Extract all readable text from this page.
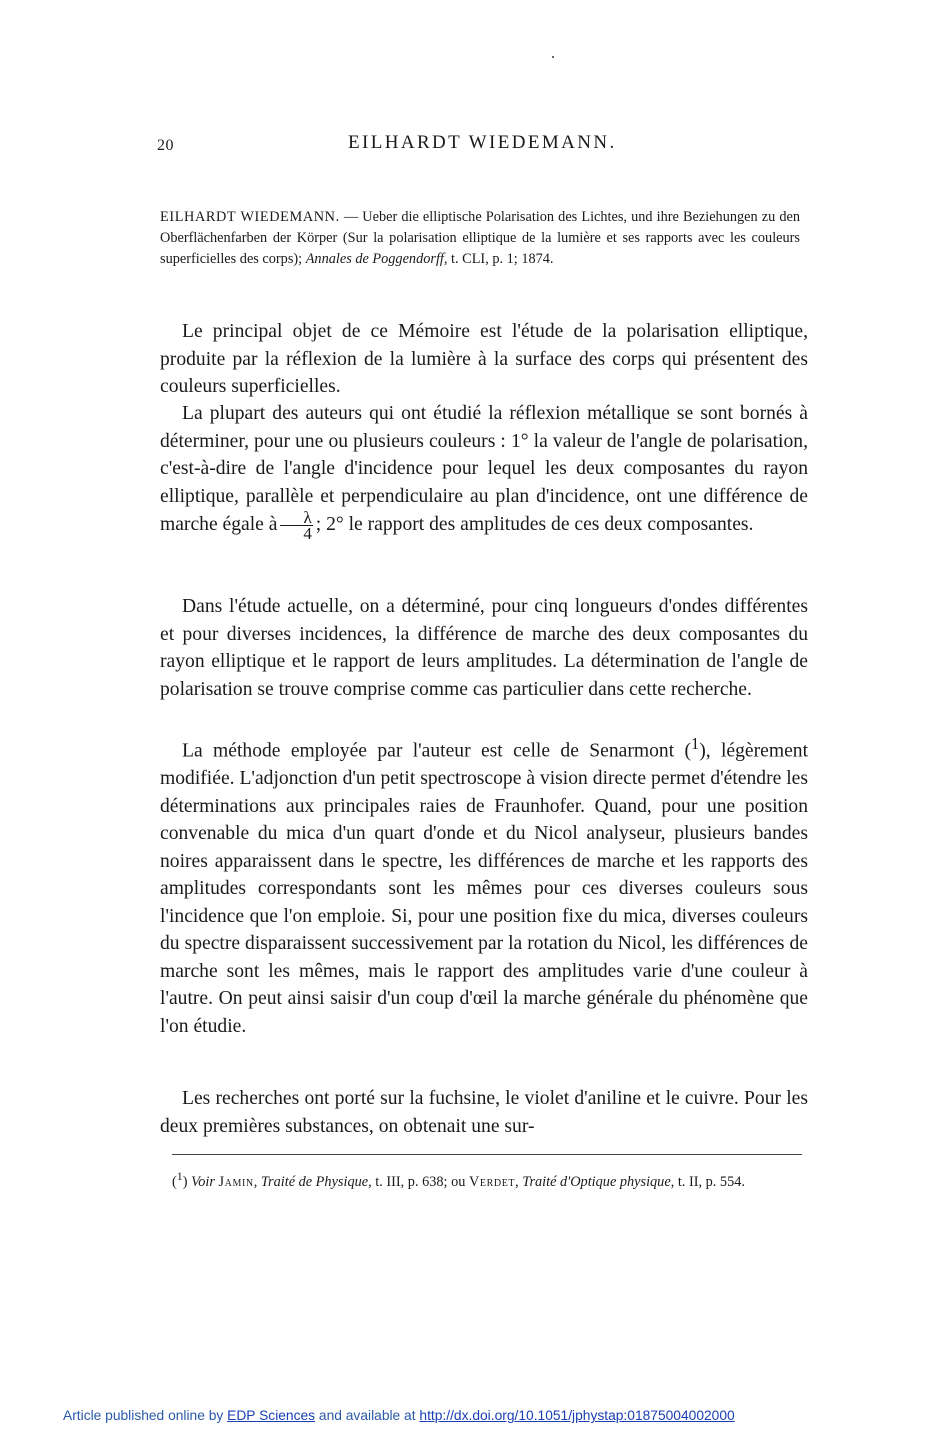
20	EILHARDT WIEDEMANN.
EILHARDT WIEDEMANN. — Ueber die elliptische Polarisation des Lichtes, und ihre Beziehungen zu den Oberflächenfarben der Körper (Sur la polarisation elliptique de la lumière et ses rapports avec les couleurs superficielles des corps); Annales de Poggendorff, t. CLI, p. 1; 1874.

Le principal objet de ce Mémoire est l'étude de la polarisation elliptique, produite par la réflexion de la lumière à la surface des corps qui présentent des couleurs superficielles.

La plupart des auteurs qui ont étudié la réflexion métallique se sont bornés à déterminer, pour une ou plusieurs couleurs : 1° la valeur de l'angle de polarisation, c'est-à-dire de l'angle d'incidence pour lequel les deux composantes du rayon elliptique, parallèle et perpendiculaire au plan d'incidence, ont une différence de marche égale à $\frac{\lambda}{4}$ ; 2° le rapport des amplitudes de ces deux composantes.

Dans l'étude actuelle, on a déterminé, pour cinq longueurs d'ondes différentes et pour diverses incidences, la différence de marche des deux composantes du rayon elliptique et le rapport de leurs amplitudes. La détermination de l'angle de polarisation se trouve comprise comme cas particulier dans cette recherche.

La méthode employée par l'auteur est celle de Senarmont ($^1$), légèrement modifiée. L'adjonction d'un petit spectroscope à vision directe permet d'étendre les déterminations aux principales raies de Fraunhofer. Quand, pour une position convenable du mica d'un quart d'onde et du Nicol analyseur, plusieurs bandes noires apparaissent dans le spectre, les différences de marche et les rapports des amplitudes correspondants sont les mêmes pour ces diverses couleurs sous l'incidence que l'on emploie. Si, pour une position fixe du mica, diverses couleurs du spectre disparaissent successivement par la rotation du Nicol, les différences de marche sont les mêmes, mais le rapport des amplitudes varie d'une couleur à l'autre. On peut ainsi saisir d'un coup d'œil la marche générale du phénomène que l'on étudie.

Les recherches ont porté sur la fuchsine, le violet d'aniline et le cuivre. Pour les deux premières substances, on obtenait une sur-

($^1$) Voir Jamin, Traité de Physique, t. III, p. 638; ou Verdet, Traité d'Optique physique, t. II, p. 554.
Article published online by EDP Sciences and available at http://dx.doi.org/10.1051/jphystap:01875004002000
